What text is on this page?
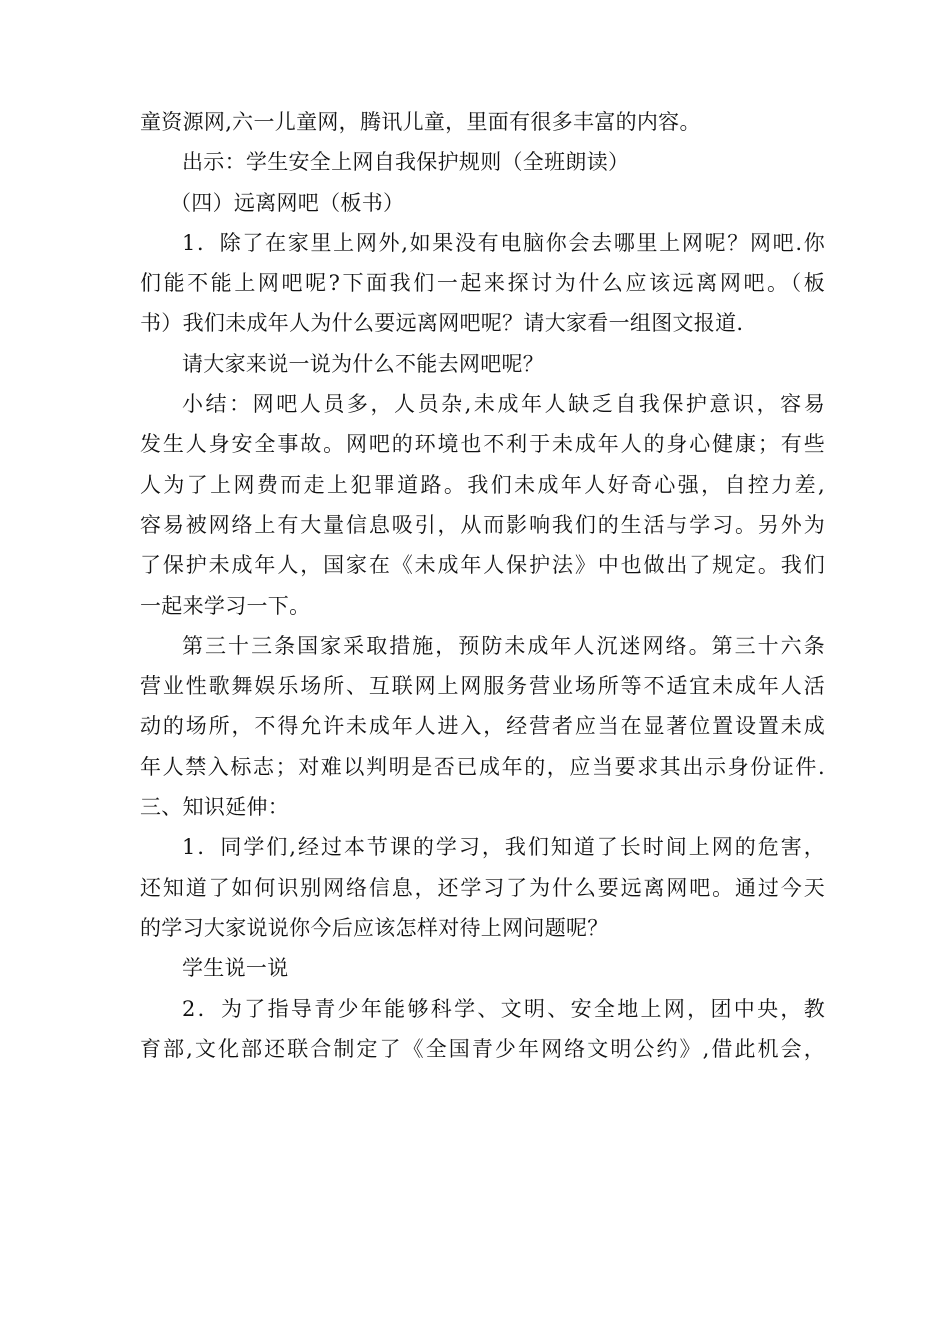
童资源网,六一儿童网，腾讯儿童，里面有很多丰富的内容。
出示：学生安全上网自我保护规则（全班朗读）
（四）远离网吧（板书）
1．除了在家里上网外,如果没有电脑你会去哪里上网呢？网吧.你
们能不能上网吧呢?下面我们一起来探讨为什么应该远离网吧。（板
书）我们未成年人为什么要远离网吧呢？请大家看一组图文报道.
请大家来说一说为什么不能去网吧呢？
小结：网吧人员多，人员杂,未成年人缺乏自我保护意识，容易
发生人身安全事故。网吧的环境也不利于未成年人的身心健康；有些
人为了上网费而走上犯罪道路。我们未成年人好奇心强，自控力差,
容易被网络上有大量信息吸引，从而影响我们的生活与学习。另外为
了保护未成年人，国家在《未成年人保护法》中也做出了规定。我们
一起来学习一下。
第三十三条国家采取措施，预防未成年人沉迷网络。第三十六条
营业性歌舞娱乐场所、互联网上网服务营业场所等不适宜未成年人活
动的场所，不得允许未成年人进入，经营者应当在显著位置设置未成
年人禁入标志；对难以判明是否已成年的，应当要求其出示身份证件.
三、知识延伸：
1．同学们,经过本节课的学习，我们知道了长时间上网的危害，
还知道了如何识别网络信息，还学习了为什么要远离网吧。通过今天
的学习大家说说你今后应该怎样对待上网问题呢？
学生说一说
2．为了指导青少年能够科学、文明、安全地上网，团中央，教
育部,文化部还联合制定了《全国青少年网络文明公约》,借此机会，
